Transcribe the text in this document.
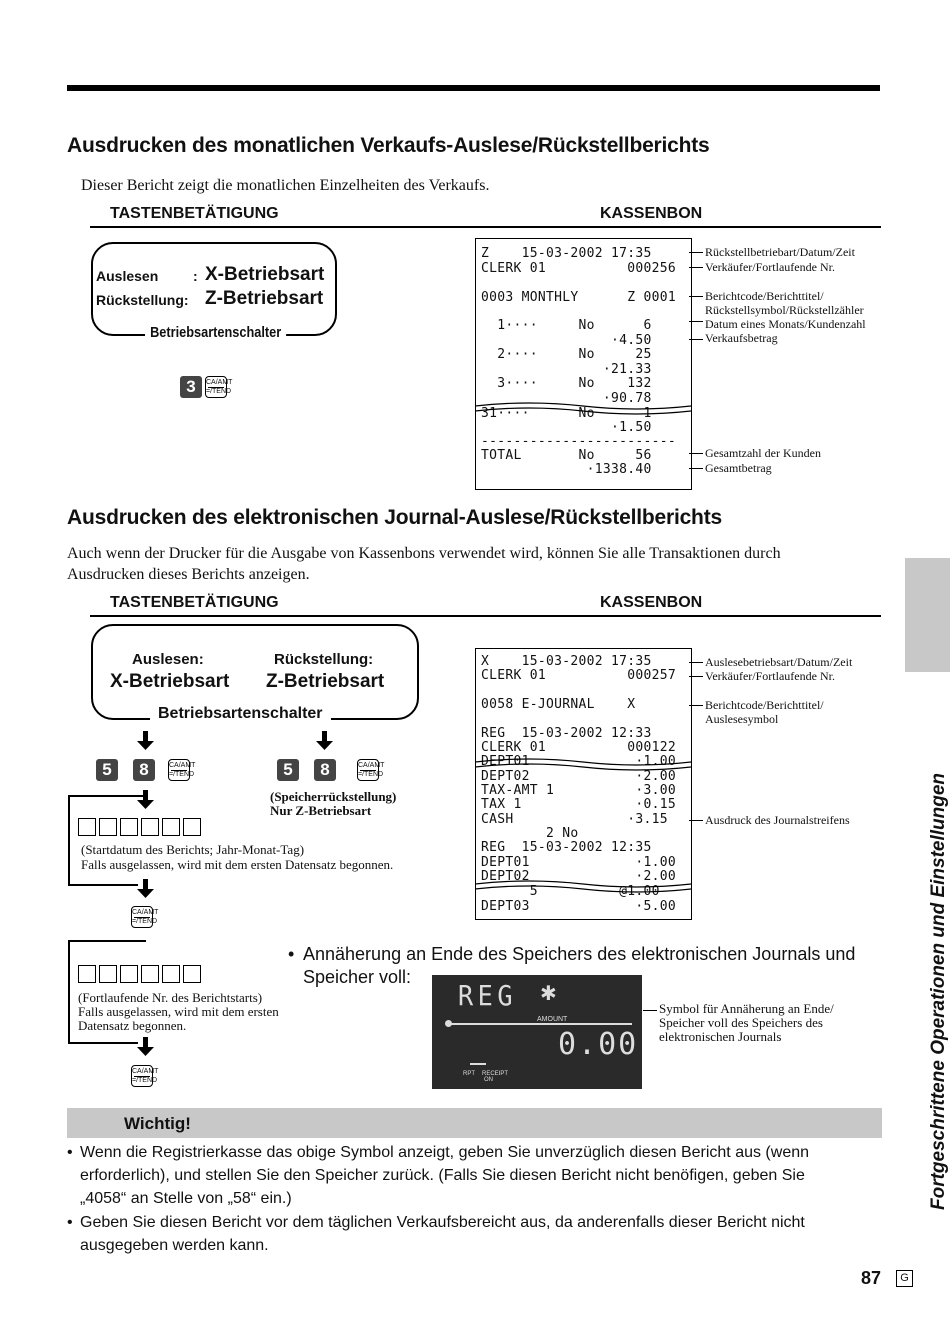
Ausdrucken des monatlichen Verkaufs-Auslese/Rückstellberichts
Dieser Bericht zeigt die monatlichen Einzelheiten des Verkaufs.
TASTENBETÄTIGUNG	KASSENBON
Auslesen : X-Betriebsart
Rückstellung: Z-Betriebsart
Betriebsartenschalter
3	CA/AMT
=/TEND
Z    15-03-2002 17:35
CLERK 01          000256
0003 MONTHLY      Z 0001
1····     No      6
·4.50
2····     No     25
·21.33
3····     No    132
·90.78
31····      No      1
·1.50
------------------------
TOTAL       No     56
·1338.40
Rückstellbetriebart/Datum/Zeit
Verkäufer/Fortlaufende Nr.
Berichtcode/Berichttitel/
Rückstellsymbol/Rückstellzähler
Datum eines Monats/Kundenzahl
Verkaufsbetrag
Gesamtzahl der Kunden
Gesamtbetrag
Ausdrucken des elektronischen Journal-Auslese/Rückstellberichts
Auch wenn der Drucker für die Ausgabe von Kassenbons verwendet wird, können Sie alle Transaktionen durch
Ausdrucken dieses Berichts anzeigen.
TASTENBETÄTIGUNG	KASSENBON
Auslesen:
X-Betriebsart
Rückstellung:
Z-Betriebsart
Betriebsartenschalter
5	8	CA/AMT
=/TEND	5	8	CA/AMT
=/TEND
(Speicherrückstellung)
Nur Z-Betriebsart
(Startdatum des Berichts; Jahr-Monat-Tag)
Falls ausgelassen, wird mit dem ersten Datensatz begonnen.
CA/AMT
=/TEND
(Fortlaufende Nr. des Berichtstarts)
Falls ausgelassen, wird mit dem ersten
Datensatz begonnen.
CA/AMT
=/TEND
X    15-03-2002 17:35
CLERK 01          000257
0058 E-JOURNAL    X
REG  15-03-2002 12:33
CLERK 01          000122
DEPT01             ·1.00
DEPT02             ·2.00
TAX-AMT 1          ·3.00
TAX 1              ·0.15
CASH              ·3.15
2 No
REG  15-03-2002 12:35
DEPT01             ·1.00
DEPT02             ·2.00
5          @1.00
DEPT03             ·5.00
Auslesebetriebsart/Datum/Zeit
Verkäufer/Fortlaufende Nr.
Berichtcode/Berichttitel/
Auslesesymbol
Ausdruck des Journalstreifens
• Annäherung an Ende des Speichers des elektronischen Journals und
Speicher voll:
REG ✱
AMOUNT
0.00
RPT RECEIPT
ON
Symbol für Annäherung an Ende/
Speicher voll des Speichers des
elektronischen Journals
Wichtig!
• Wenn die Registrierkasse das obige Symbol anzeigt, geben Sie unverzüglich diesen Bericht aus (wenn
erforderlich), und stellen Sie den Speicher zurück. (Falls Sie diesen Bericht nicht benöfigen, geben Sie
„4058“ an Stelle von „58“ ein.)
• Geben Sie diesen Bericht vor dem täglichen Verkaufsbereicht aus, da anderenfalls dieser Bericht nicht
ausgegeben werden kann.
Fortgeschrittene Operationen und Einstellungen
87	G
